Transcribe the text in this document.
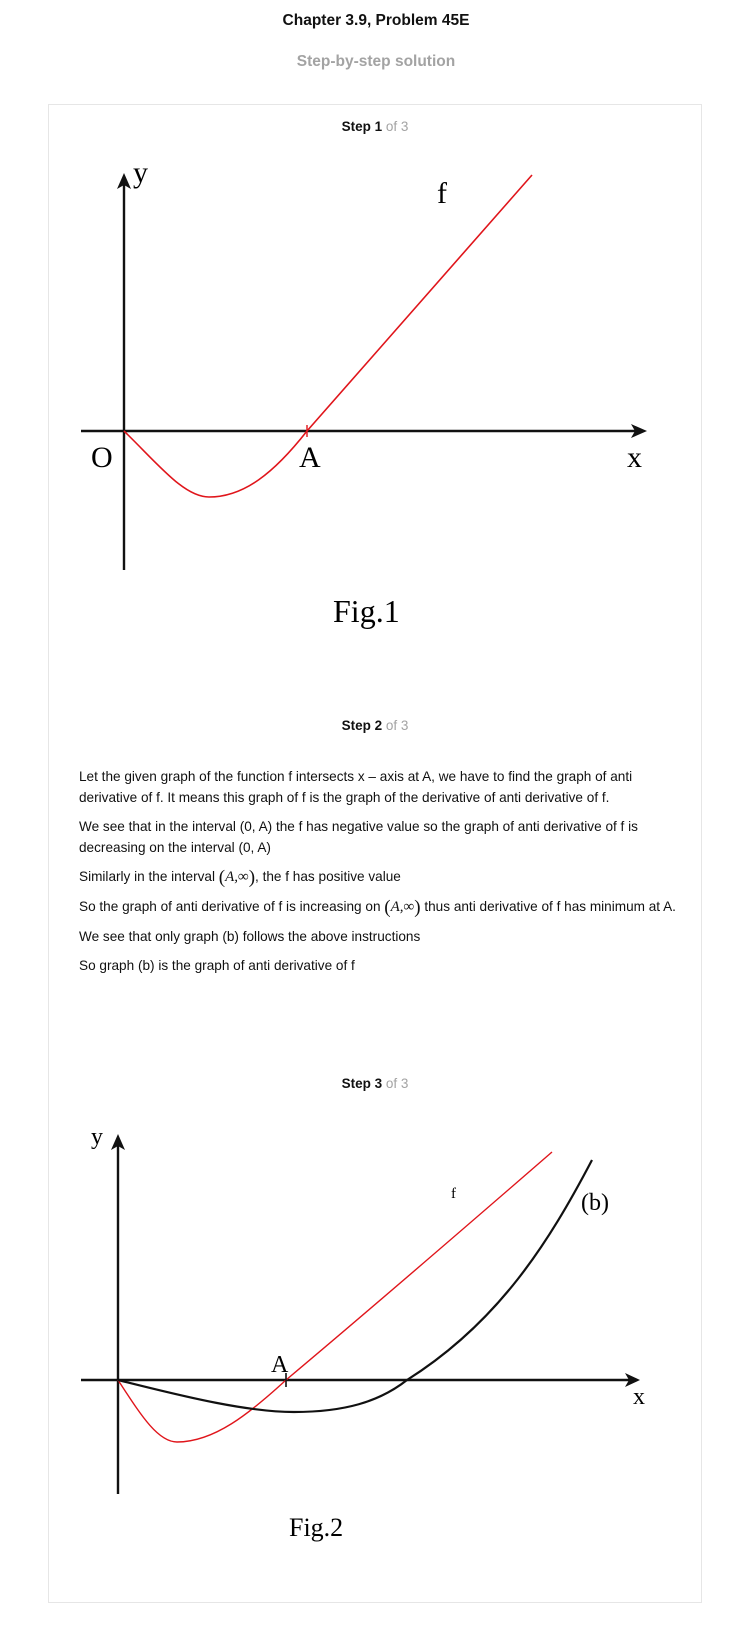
Chapter 3.9, Problem 45E
Step-by-step solution
Step 1 of 3
y
f
O	A	x
Fig.1
Step 2 of 3

Let the given graph of the function f intersects x – axis at A, we have to find the graph of anti derivative of f. It means this graph of f is the graph of the derivative of anti derivative of f.

We see that in the interval (0, A) the f has negative value so the graph of anti derivative of f is decreasing on the interval (0, A)

Similarly in the interval (A,∞), the f has positive value

So the graph of anti derivative of f is increasing on (A,∞) thus anti derivative of f has minimum at A.

We see that only graph (b) follows the above instructions

So graph (b) is the graph of anti derivative of f

Step 3 of 3
y
f	(b)
A
x
Fig.2
